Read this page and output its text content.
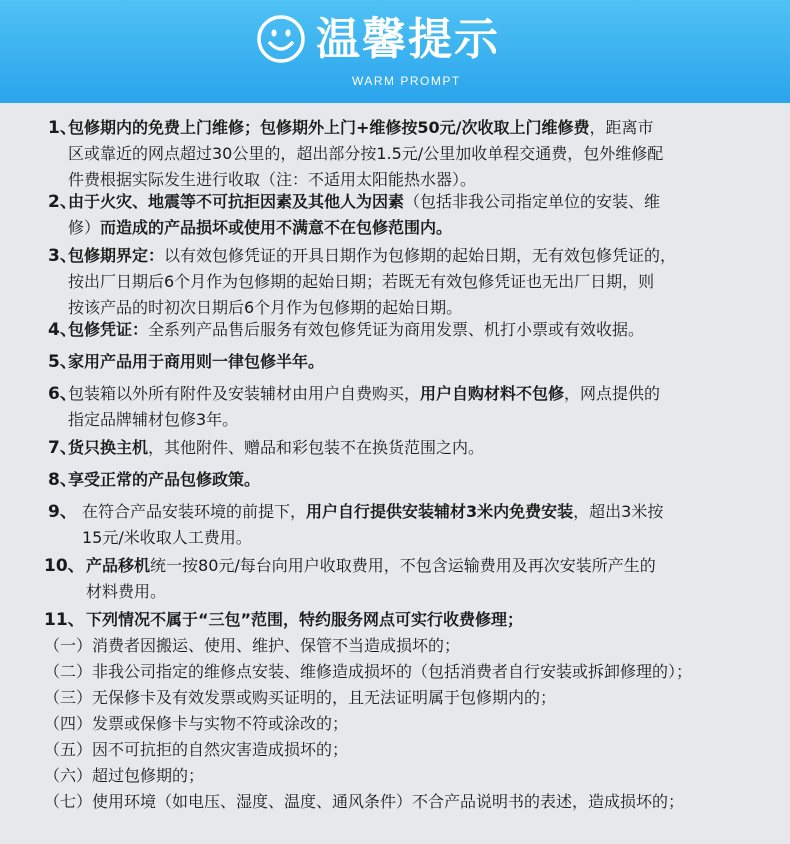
温馨提示
WARM PROMPT
1、
包修期内的免费上门维修；包修期外上门+维修按50元/次收取上门维修费，距离市
区或靠近的网点超过30公里的，超出部分按1.5元/公里加收单程交通费，包外维修配
件费根据实际发生进行收取（注：不适用太阳能热水器）。
2、
由于火灾、地震等不可抗拒因素及其他人为因素（包括非我公司指定单位的安装、维
修）而造成的产品损坏或使用不满意不在包修范围内。
3、
包修期界定：以有效包修凭证的开具日期作为包修期的起始日期，无有效包修凭证的，
按出厂日期后6个月作为包修期的起始日期；若既无有效包修凭证也无出厂日期，则
按该产品的时初次日期后6个月作为包修期的起始日期。
4、
包修凭证：全系列产品售后服务有效包修凭证为商用发票、机打小票或有效收据。
5、
家用产品用于商用则一律包修半年。
6、
包装箱以外所有附件及安装辅材由用户自费购买，用户自购材料不包修，网点提供的
指定品牌辅材包修3年。
7、
货只换主机，其他附件、赠品和彩包装不在换货范围之内。
8、
享受正常的产品包修政策。
9、 在符合产品安装环境的前提下，用户自行提供安装辅材3米内免费安装，超出3米按
15元/米收取人工费用。
10、 产品移机统一按80元/每台向用户收取费用，不包含运输费用及再次安装所产生的
材料费用。
11、 下列情况不属于“三包”范围，特约服务网点可实行收费修理；
（一）消费者因搬运、使用、维护、保管不当造成损坏的；
（二）非我公司指定的维修点安装、维修造成损坏的（包括消费者自行安装或拆卸修理的）；
（三）无保修卡及有效发票或购买证明的，且无法证明属于包修期内的；
（四）发票或保修卡与实物不符或涂改的；
（五）因不可抗拒的自然灾害造成损坏的；
（六）超过包修期的；
（七）使用环境（如电压、湿度、温度、通风条件）不合产品说明书的表述，造成损坏的；
